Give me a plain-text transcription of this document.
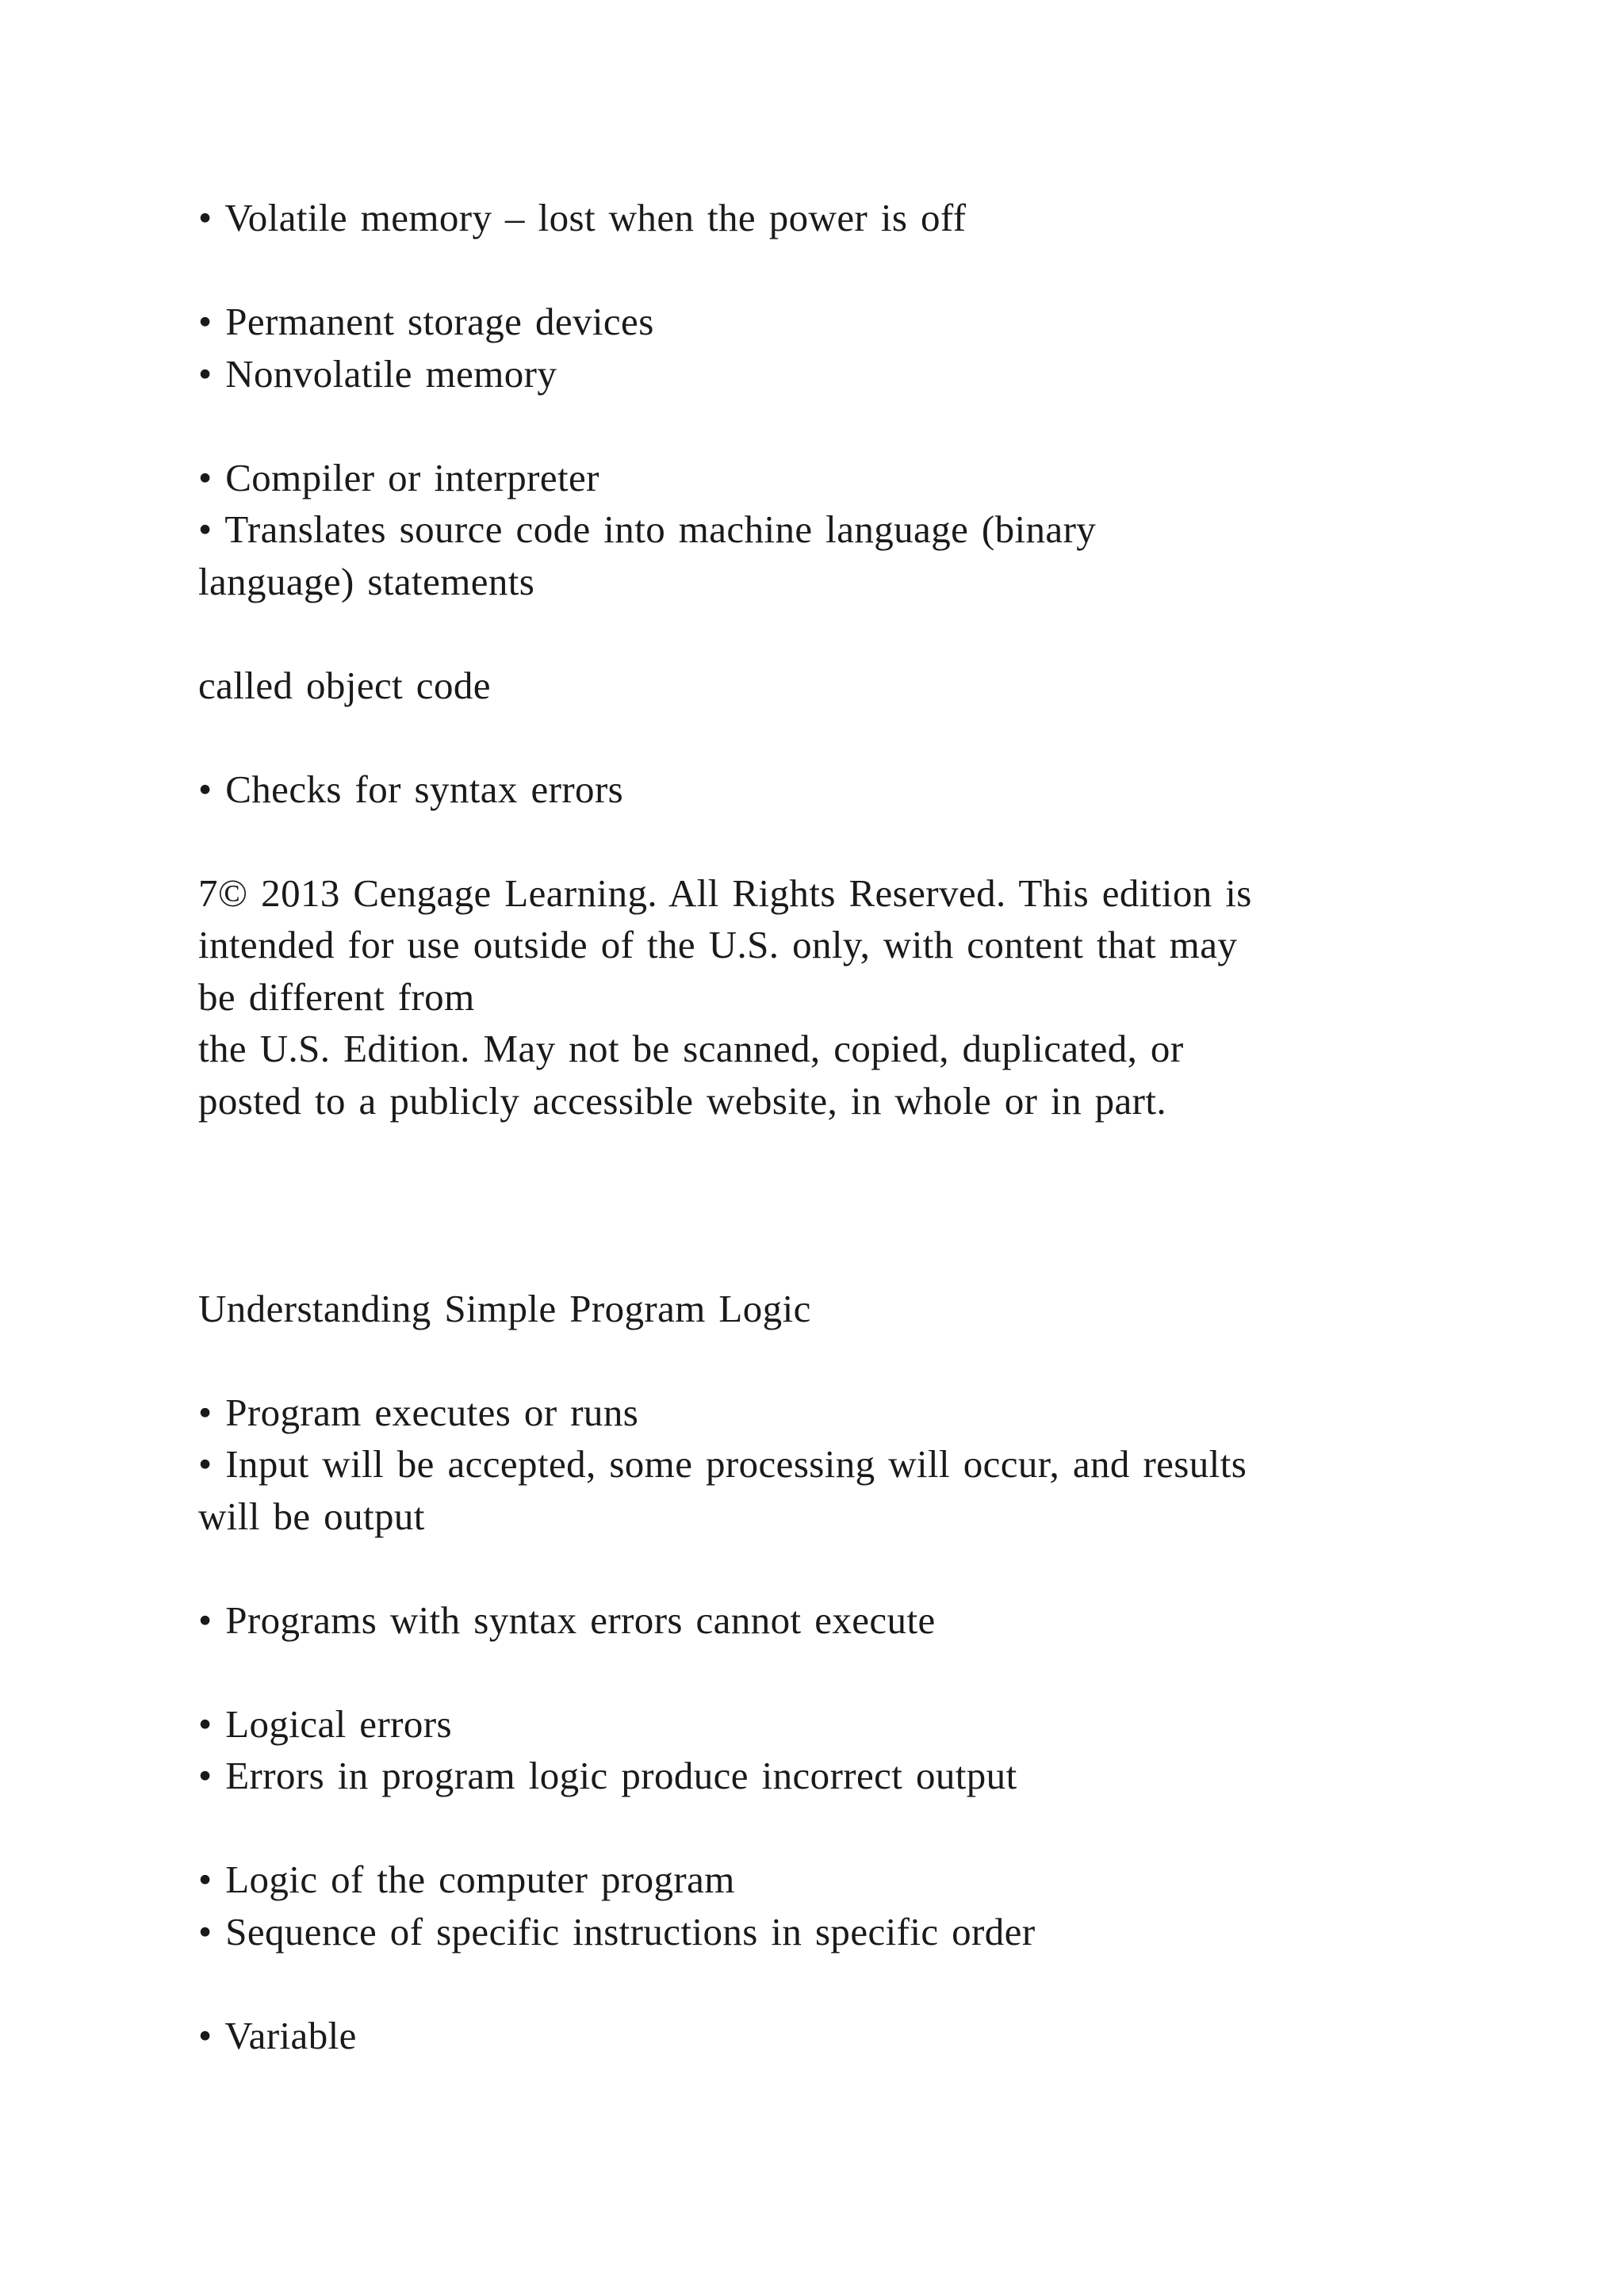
• Volatile memory – lost when the power is off
• Permanent storage devices
• Nonvolatile memory
• Compiler or interpreter
• Translates source code into machine language (binary
language) statements
called object code
• Checks for syntax errors
7© 2013 Cengage Learning. All Rights Reserved. This edition is
intended for use outside of the U.S. only, with content that may
be different from
the U.S. Edition. May not be scanned, copied, duplicated, or
posted to a publicly accessible website, in whole or in part.
Understanding Simple Program Logic
• Program executes or runs
• Input will be accepted, some processing will occur, and results
will be output
• Programs with syntax errors cannot execute
• Logical errors
• Errors in program logic produce incorrect output
• Logic of the computer program
• Sequence of specific instructions in specific order
• Variable
